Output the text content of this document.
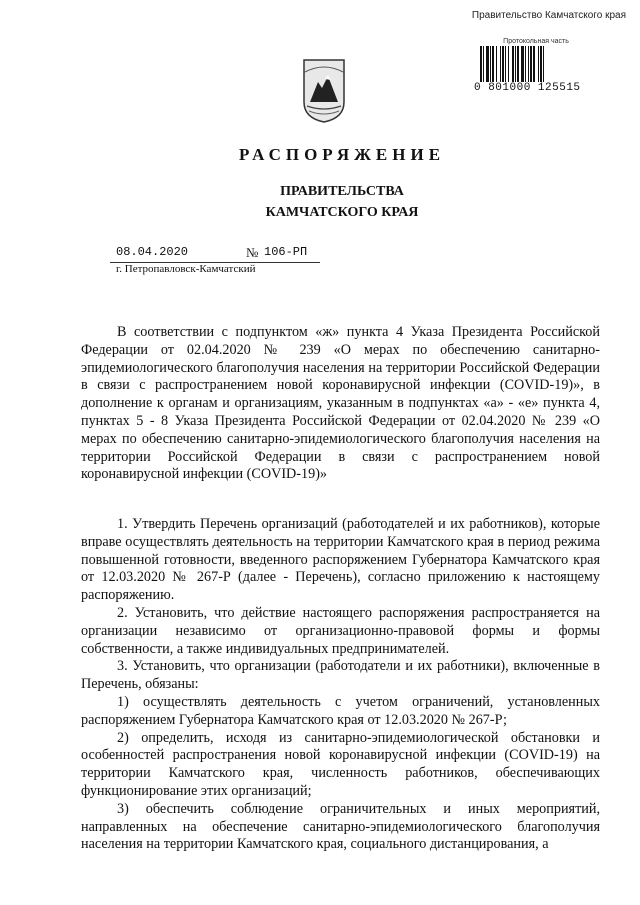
Правительство Камчатского края
Протокольная часть
0 801000 125515
РАСПОРЯЖЕНИЕ
ПРАВИТЕЛЬСТВА
КАМЧАТСКОГО КРАЯ
08.04.2020	№ 106-РП
г. Петропавловск-Камчатский

В соответствии с подпунктом «ж» пункта 4 Указа Президента Российской Федерации от 02.04.2020 № 239 «О мерах по обеспечению санитарно-эпидемиологического благополучия населения на территории Российской Федерации в связи с распространением новой коронавирусной инфекции (COVID-19)», в дополнение к органам и организациям, указанным в подпунктах «а» - «е» пункта 4, пунктах 5 - 8 Указа Президента Российской Федерации от 02.04.2020 № 239 «О мерах по обеспечению санитарно-эпидемиологического благополучия населения на территории Российской Федерации в связи с распространением новой коронавирусной инфекции (COVID-19)»

1. Утвердить Перечень организаций (работодателей и их работников), которые вправе осуществлять деятельность на территории Камчатского края в период режима повышенной готовности, введенного распоряжением Губернатора Камчатского края от 12.03.2020 № 267-Р (далее - Перечень), согласно приложению к настоящему распоряжению.

2. Установить, что действие настоящего распоряжения распространяется на организации независимо от организационно-правовой формы и формы собственности, а также индивидуальных предпринимателей.

3. Установить, что организации (работодатели и их работники), включенные в Перечень, обязаны:

1) осуществлять деятельность с учетом ограничений, установленных распоряжением Губернатора Камчатского края от 12.03.2020 № 267-Р;

2) определить, исходя из санитарно-эпидемиологической обстановки и особенностей распространения новой коронавирусной инфекции (COVID-19) на территории Камчатского края, численность работников, обеспечивающих функционирование этих организаций;

3) обеспечить соблюдение ограничительных и иных мероприятий, направленных на обеспечение санитарно-эпидемиологического благополучия населения на территории Камчатского края, социального дистанцирования, а
